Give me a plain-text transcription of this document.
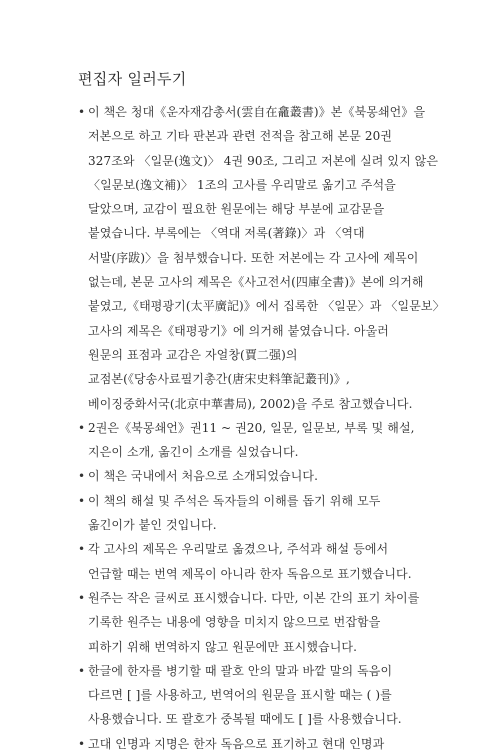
편집자 일러두기
• 이 책은 청대《운자재감총서(雲自在龕叢書)》본《북몽쇄언》을
저본으로 하고 기타 판본과 관련 전적을 참고해 본문 20권
327조와 〈일문(逸文)〉 4권 90조, 그리고 저본에 실려 있지 않은
〈일문보(逸文補)〉 1조의 고사를 우리말로 옮기고 주석을
달았으며, 교감이 필요한 원문에는 해당 부분에 교감문을
붙였습니다. 부록에는 〈역대 저록(著錄)〉과 〈역대
서발(序跋)〉을 첨부했습니다. 또한 저본에는 각 고사에 제목이
없는데, 본문 고사의 제목은《사고전서(四庫全書)》본에 의거해
붙였고,《태평광기(太平廣記)》에서 집록한 〈일문〉과 〈일문보〉
고사의 제목은《태평광기》에 의거해 붙였습니다. 아울러
원문의 표점과 교감은 자얼창(賈二强)의
교점본(《당송사료필기총간(唐宋史料筆記叢刊)》,
베이징중화서국(北京中華書局), 2002)을 주로 참고했습니다.
• 2권은《북몽쇄언》권11 ~ 권20, 일문, 일문보, 부록 및 해설,
지은이 소개, 옮긴이 소개를 실었습니다.
• 이 책은 국내에서 처음으로 소개되었습니다.
• 이 책의 해설 및 주석은 독자들의 이해를 돕기 위해 모두
옮긴이가 붙인 것입니다.
• 각 고사의 제목은 우리말로 옮겼으나, 주석과 해설 등에서
언급할 때는 번역 제목이 아니라 한자 독음으로 표기했습니다.
• 원주는 작은 글씨로 표시했습니다. 다만, 이본 간의 표기 차이를
기록한 원주는 내용에 영향을 미치지 않으므로 번잡함을
피하기 위해 번역하지 않고 원문에만 표시했습니다.
• 한글에 한자를 병기할 때 괄호 안의 말과 바깥 말의 독음이
다르면 [ ]를 사용하고, 번역어의 원문을 표시할 때는 ( )를
사용했습니다. 또 괄호가 중복될 때에도 [ ]를 사용했습니다.
• 고대 인명과 지명은 한자 독음으로 표기하고 현대 인명과
